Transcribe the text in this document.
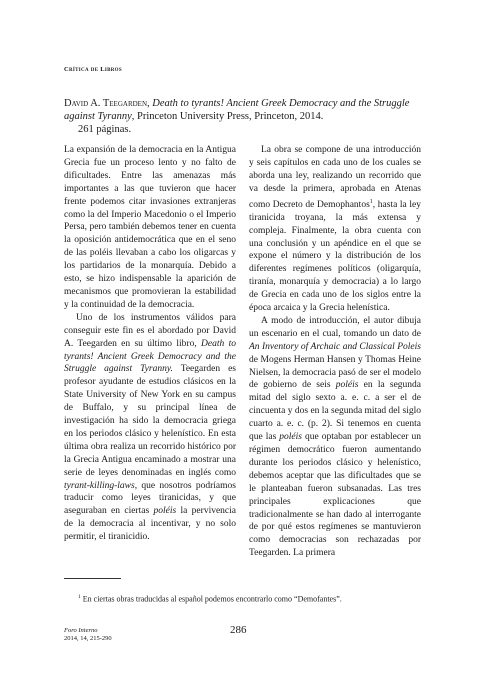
Crítica de Libros
David A. Teegarden, Death to tyrants! Ancient Greek Democracy and the Struggle against Tyranny, Princeton University Press, Princeton, 2014.
261 páginas.

La expansión de la democracia en la Antigua Grecia fue un proceso lento y no falto de dificultades. Entre las amenazas más importantes a las que tuvieron que hacer frente podemos citar invasiones extranjeras como la del Imperio Macedonio o el Imperio Persa, pero también debemos tener en cuenta la oposición antidemocrática que en el seno de las poléis llevaban a cabo los oligarcas y los partidarios de la monarquía. Debido a esto, se hizo indispensable la aparición de mecanismos que promovieran la estabilidad y la continuidad de la democracia.

Uno de los instrumentos válidos para conseguir este fin es el abordado por David A. Teegarden en su último libro, Death to tyrants! Ancient Greek Democracy and the Struggle against Tyranny. Teegarden es profesor ayudante de estudios clásicos en la State University of New York en su campus de Buffalo, y su principal línea de investigación ha sido la democracia griega en los periodos clásico y helenístico. En esta última obra realiza un recorrido histórico por la Grecia Antigua encaminado a mostrar una serie de leyes denominadas en inglés como tyrant-killing-laws, que nosotros podríamos traducir como leyes tiranicidas, y que aseguraban en ciertas poléis la pervivencia de la democracia al incentivar, y no solo permitir, el tiranicidio.

La obra se compone de una introducción y seis capítulos en cada uno de los cuales se aborda una ley, realizando un recorrido que va desde la primera, aprobada en Atenas como Decreto de Demophantos$^1$, hasta la ley tiranicida troyana, la más extensa y compleja. Finalmente, la obra cuenta con una conclusión y un apéndice en el que se expone el número y la distribución de los diferentes regímenes políticos (oligarquía, tiranía, monarquía y democracia) a lo largo de Grecia en cada uno de los siglos entre la época arcaica y la Grecia helenística.

A modo de introducción, el autor dibuja un escenario en el cual, tomando un dato de An Inventory of Archaic and Classical Poleis de Mogens Herman Hansen y Thomas Heine Nielsen, la democracia pasó de ser el modelo de gobierno de seis poléis en la segunda mitad del siglo sexto a. e. c. a ser el de cincuenta y dos en la segunda mitad del siglo cuarto a. e. c. (p. 2). Si tenemos en cuenta que las poléis que optaban por establecer un régimen democrático fueron aumentando durante los periodos clásico y helenístico, debemos aceptar que las dificultades que se le planteaban fueron subsanadas. Las tres principales explicaciones que tradicionalmente se han dado al interrogante de por qué estos regímenes se mantuvieron como democracias son rechazadas por Teegarden. La primera

$^1$ En ciertas obras traducidas al español podemos encontrarlo como “Demofantes”.
Foro Interno
2014, 14, 215-290
286
